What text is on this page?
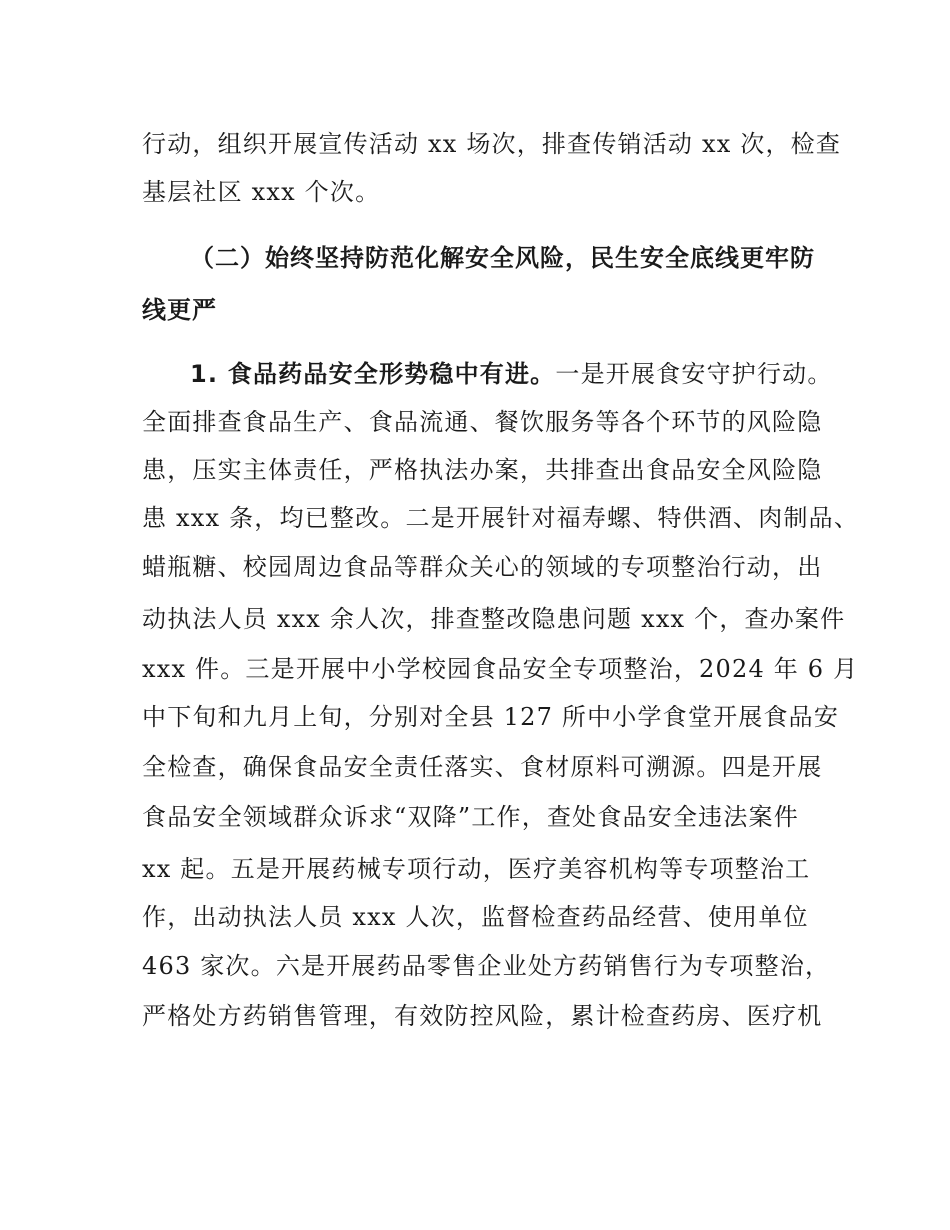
行动，组织开展宣传活动 xx 场次，排查传销活动 xx 次，检查
基层社区 xxx 个次。
（二）始终坚持防范化解安全风险，民生安全底线更牢防
线更严
1. 食品药品安全形势稳中有进。一是开展食安守护行动。
全面排查食品生产、食品流通、餐饮服务等各个环节的风险隐
患，压实主体责任，严格执法办案，共排查出食品安全风险隐
患 xxx 条，均已整改。二是开展针对福寿螺、特供酒、肉制品、
蜡瓶糖、校园周边食品等群众关心的领域的专项整治行动，出
动执法人员 xxx 余人次，排查整改隐患问题 xxx 个，查办案件
xxx 件。三是开展中小学校园食品安全专项整治，2024 年 6 月
中下旬和九月上旬，分别对全县 127 所中小学食堂开展食品安
全检查，确保食品安全责任落实、食材原料可溯源。四是开展
食品安全领域群众诉求“双降”工作，查处食品安全违法案件
xx 起。五是开展药械专项行动，医疗美容机构等专项整治工
作，出动执法人员 xxx 人次，监督检查药品经营、使用单位
463 家次。六是开展药品零售企业处方药销售行为专项整治，
严格处方药销售管理，有效防控风险，累计检查药房、医疗机
